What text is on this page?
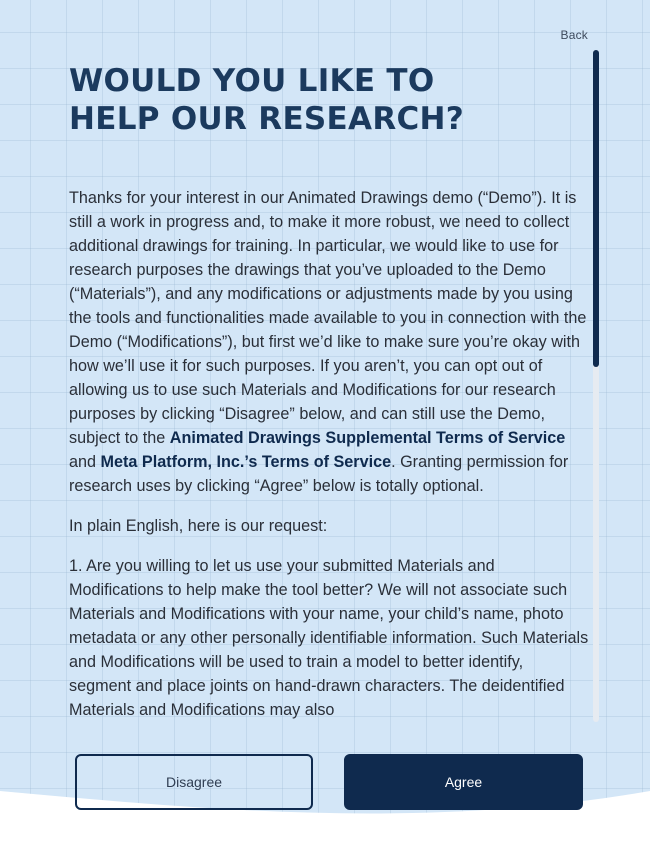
Back
WOULD YOU LIKE TO
HELP OUR RESEARCH?

Thanks for your interest in our Animated Drawings demo (“Demo”). It is still a work in progress and, to make it more robust, we need to collect additional drawings for training. In particular, we would like to use for research purposes the drawings that you’ve uploaded to the Demo (“Materials”), and any modifications or adjustments made by you using the tools and functionalities made available to you in connection with the Demo (“Modifications”), but first we’d like to make sure you’re okay with how we’ll use it for such purposes. If you aren’t, you can opt out of allowing us to use such Materials and Modifications for our research purposes by clicking “Disagree” below, and can still use the Demo, subject to the Animated Drawings Supplemental Terms of Service and Meta Platform, Inc.’s Terms of Service. Granting permission for research uses by clicking “Agree” below is totally optional.

In plain English, here is our request:

1. Are you willing to let us use your submitted Materials and Modifications to help make the tool better? We will not associate such Materials and Modifications with your name, your child’s name, photo metadata or any other personally identifiable information. Such Materials and Modifications will be used to train a model to better identify, segment and place joints on hand-drawn characters. The deidentified Materials and Modifications may also

Disagree	Agree
